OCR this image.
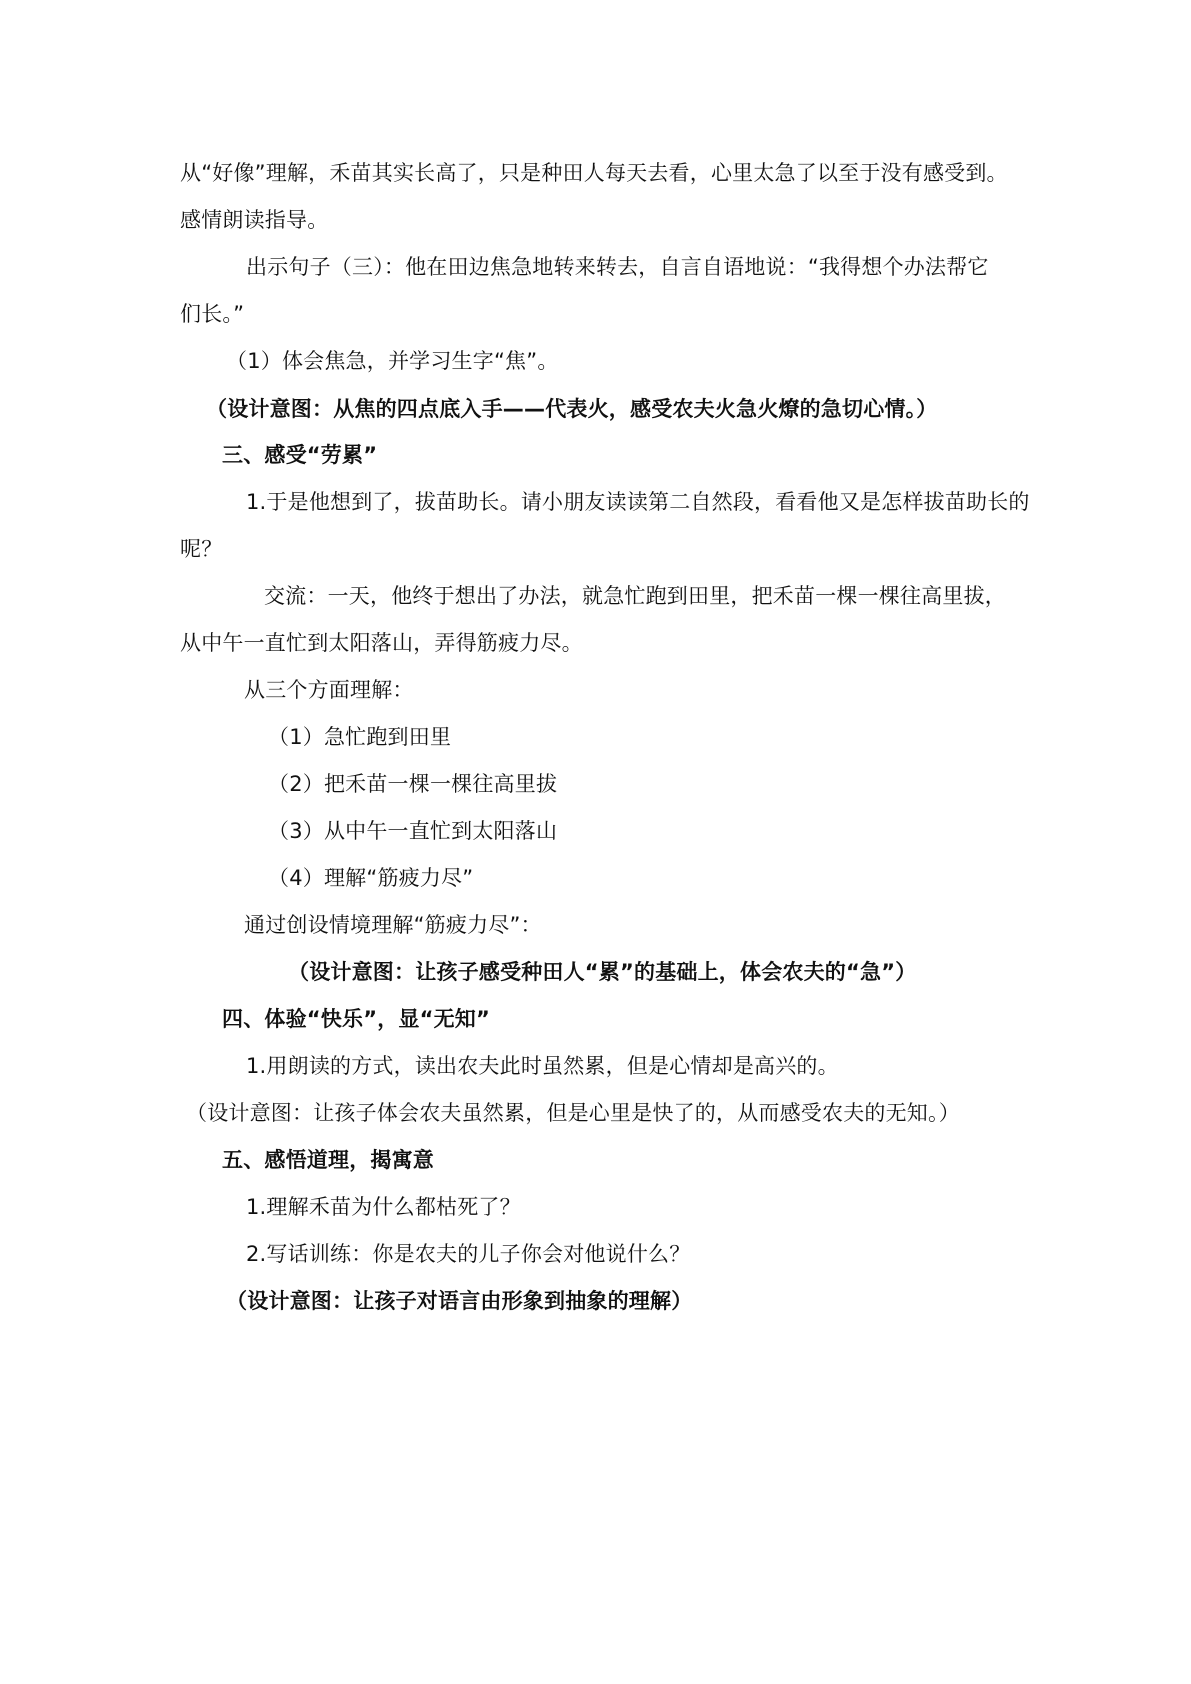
从“好像”理解，禾苗其实长高了，只是种田人每天去看，心里太急了以至于没有感受到。
感情朗读指导。
出示句子（三）：他在田边焦急地转来转去，自言自语地说：“我得想个办法帮它
们长。”
（1）体会焦急，并学习生字“焦”。
（设计意图：从焦的四点底入手——代表火，感受农夫火急火燎的急切心情。）
三、感受“劳累”
1.于是他想到了，拔苗助长。请小朋友读读第二自然段，看看他又是怎样拔苗助长的
呢？
交流：一天，他终于想出了办法，就急忙跑到田里，把禾苗一棵一棵往高里拔，
从中午一直忙到太阳落山，弄得筋疲力尽。
从三个方面理解：
（1）急忙跑到田里
（2）把禾苗一棵一棵往高里拔
（3）从中午一直忙到太阳落山
（4）理解“筋疲力尽”
通过创设情境理解“筋疲力尽”：
（设计意图：让孩子感受种田人“累”的基础上，体会农夫的“急”）
四、体验“快乐”，显“无知”
1.用朗读的方式，读出农夫此时虽然累，但是心情却是高兴的。
（设计意图：让孩子体会农夫虽然累，但是心里是快了的，从而感受农夫的无知。）
五、感悟道理，揭寓意
1.理解禾苗为什么都枯死了？
2.写话训练：你是农夫的儿子你会对他说什么？
（设计意图：让孩子对语言由形象到抽象的理解）
